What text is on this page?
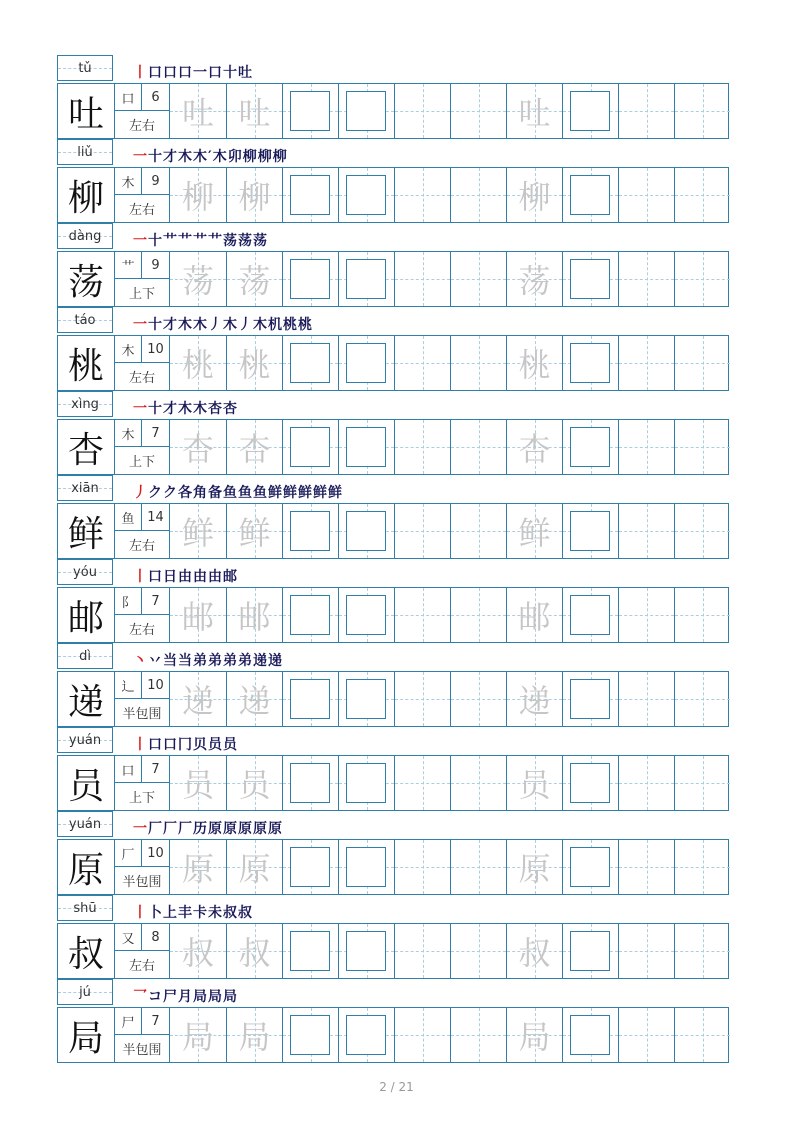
tǔ	丨口口口一口十吐
吐	口	6
左右 吐 吐	吐
liǔ	一十才木木′木卯柳柳柳
柳	木	9
左右 柳 柳	柳
dàng 一十艹艹艹艹荡荡荡
荡	艹	9
上下 荡 荡	荡
táo	一十才木木丿木丿木机桃桃
桃	木 10
左右 桃 桃	桃
xìng 一十才木木杏杏
杏	木	7
上下 杏 杏	杏
xiān 丿クク各角备鱼鱼鱼鲜鲜鲜鲜鲜
鲜	鱼 14
左右 鲜 鲜	鲜
yóu	丨口日由由由邮
邮	阝	7
左右 邮 邮	邮
dì	丶丷当当弟弟弟弟递递
递	辶 10
半包围 递 递	递
yuán 丨口口冂贝员员
员	口	7
上下 员 员	员
yuán 一厂厂厂历原原原原原
原	厂 10
半包围 原 原	原
shū	丨卜上丰卡未叔叔
叔	又	8
左右 叔 叔	叔
jú	乛コ尸月局局局
局	尸	7
半包围 局 局	局
2 / 21
